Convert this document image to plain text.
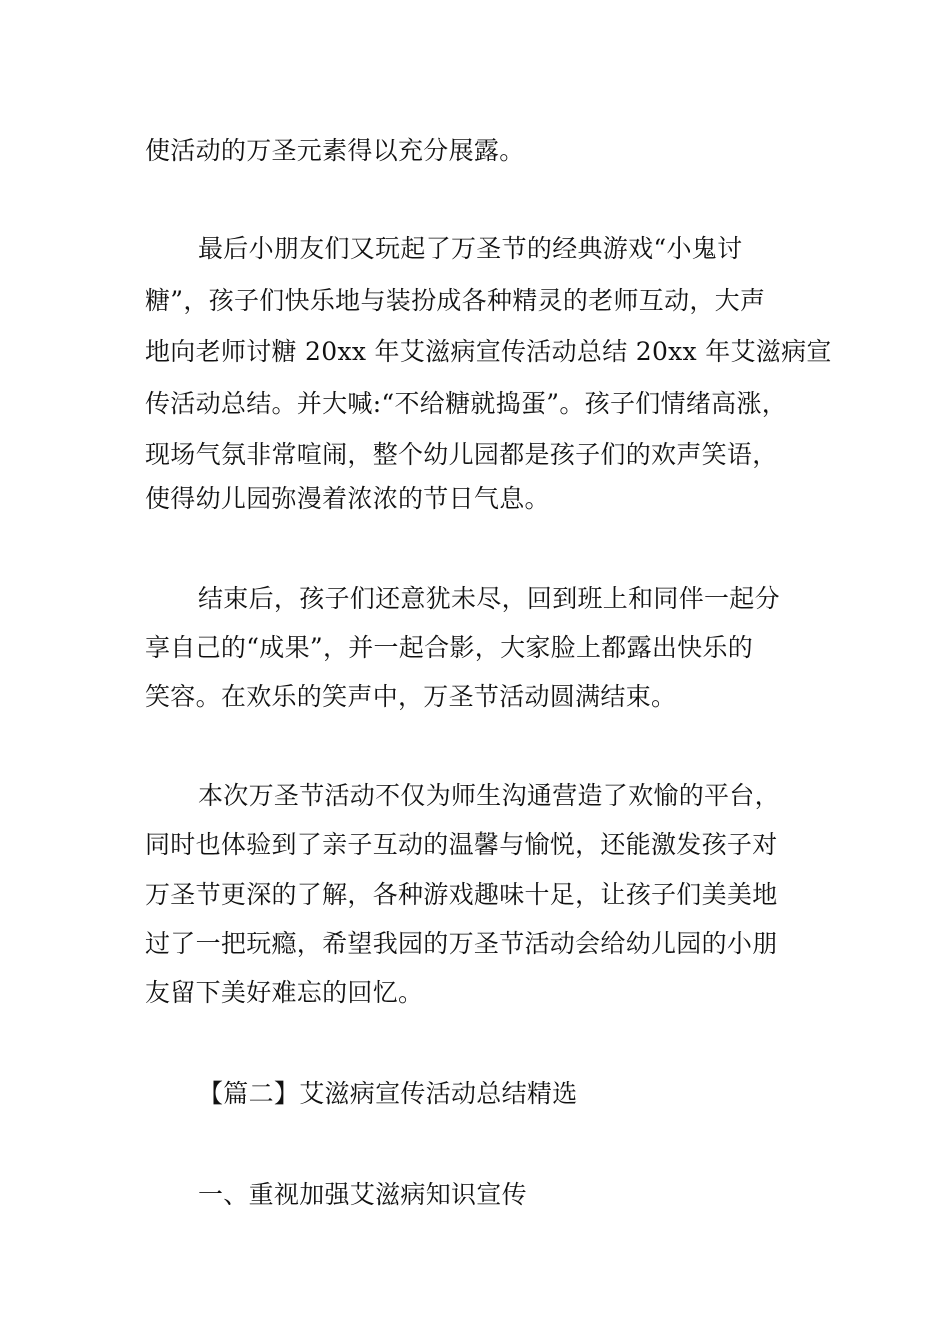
使活动的万圣元素得以充分展露。
最后小朋友们又玩起了万圣节的经典游戏“小鬼讨
糖”，孩子们快乐地与装扮成各种精灵的老师互动，大声
地向老师讨糖 20xx 年艾滋病宣传活动总结 20xx 年艾滋病宣
传活动总结。并大喊:“不给糖就捣蛋”。孩子们情绪高涨，
现场气氛非常喧闹，整个幼儿园都是孩子们的欢声笑语，
使得幼儿园弥漫着浓浓的节日气息。
结束后，孩子们还意犹未尽，回到班上和同伴一起分
享自己的“成果”，并一起合影，大家脸上都露出快乐的
笑容。在欢乐的笑声中，万圣节活动圆满结束。
本次万圣节活动不仅为师生沟通营造了欢愉的平台，
同时也体验到了亲子互动的温馨与愉悦，还能激发孩子对
万圣节更深的了解，各种游戏趣味十足，让孩子们美美地
过了一把玩瘾，希望我园的万圣节活动会给幼儿园的小朋
友留下美好难忘的回忆。
【篇二】艾滋病宣传活动总结精选
一、重视加强艾滋病知识宣传
